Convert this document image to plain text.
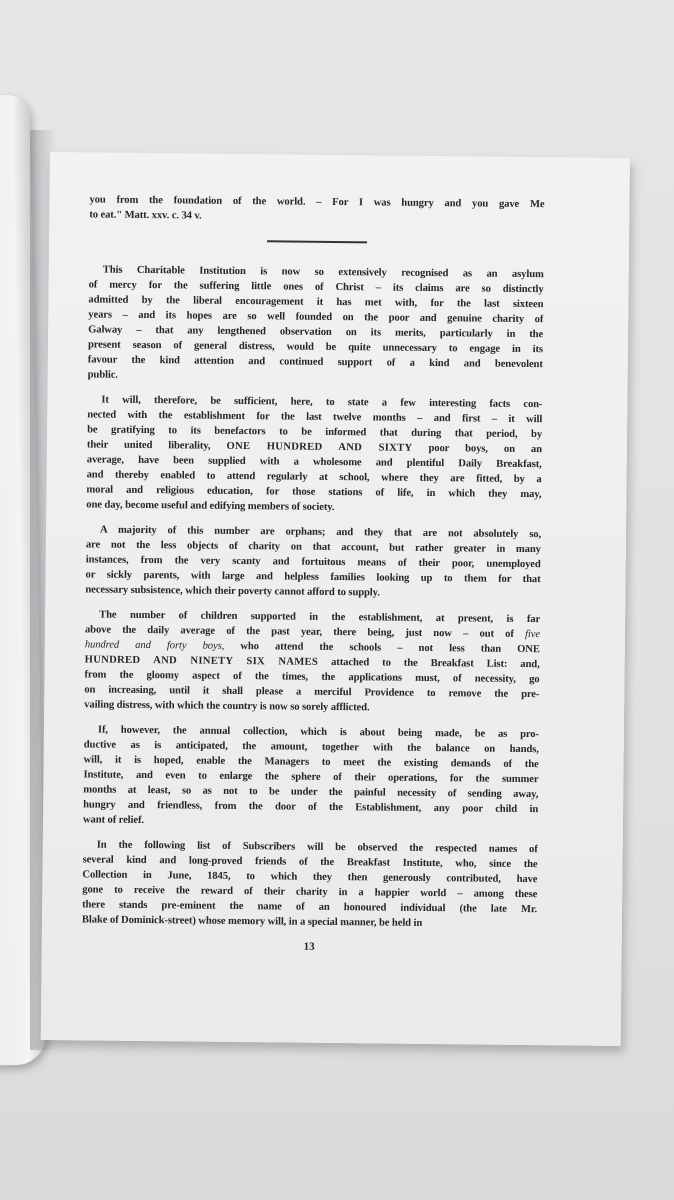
you from the foundation of the world. – For I was hungry and you gave Me
to eat." Matt. xxv. c. 34 v.
This Charitable Institution is now so extensively recognised as an asylum
of mercy for the suffering little ones of Christ – its claims are so distinctly
admitted by the liberal encouragement it has met with, for the last sixteen
years – and its hopes are so well founded on the poor and genuine charity of
Galway – that any lengthened observation on its merits, particularly in the
present season of general distress, would be quite unnecessary to engage in its
favour the kind attention and continued support of a kind and benevolent
public.
It will, therefore, be sufficient, here, to state a few interesting facts con-
nected with the establishment for the last twelve months – and first – it will
be gratifying to its benefactors to be informed that during that period, by
their united liberality, ONE HUNDRED AND SIXTY poor boys, on an
average, have been supplied with a wholesome and plentiful Daily Breakfast,
and thereby enabled to attend regularly at school, where they are fitted, by a
moral and religious education, for those stations of life, in which they may,
one day, become useful and edifying members of society.
A majority of this number are orphans; and they that are not absolutely so,
are not the less objects of charity on that account, but rather greater in many
instances, from the very scanty and fortuitous means of their poor, unemployed
or sickly parents, with large and helpless families looking up to them for that
necessary subsistence, which their poverty cannot afford to supply.
The number of children supported in the establishment, at present, is far
above the daily average of the past year, there being, just now – out of five
hundred and forty boys, who attend the schools – not less than ONE
HUNDRED AND NINETY SIX NAMES attached to the Breakfast List: and,
from the gloomy aspect of the times, the applications must, of necessity, go
on increasing, until it shall please a merciful Providence to remove the pre-
vailing distress, with which the country is now so sorely afflicted.
If, however, the annual collection, which is about being made, be as pro-
ductive as is anticipated, the amount, together with the balance on hands,
will, it is hoped, enable the Managers to meet the existing demands of the
Institute, and even to enlarge the sphere of their operations, for the summer
months at least, so as not to be under the painful necessity of sending away,
hungry and friendless, from the door of the Establishment, any poor child in
want of relief.
In the following list of Subscribers will be observed the respected names of
several kind and long-proved friends of the Breakfast Institute, who, since the
Collection in June, 1845, to which they then generously contributed, have
gone to receive the reward of their charity in a happier world – among these
there stands pre-eminent the name of an honoured individual (the late Mr.
Blake of Dominick-street) whose memory will, in a special manner, be held in
13
